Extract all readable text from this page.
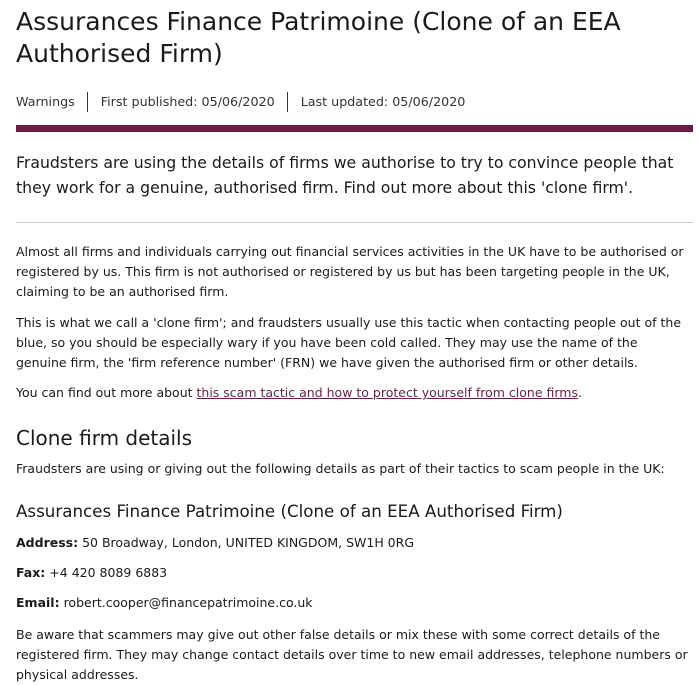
Assurances Finance Patrimoine (Clone of an EEA Authorised Firm)
Warnings	First published: 05/06/2020	Last updated: 05/06/2020

Fraudsters are using the details of firms we authorise to try to convince people that
they work for a genuine, authorised firm. Find out more about this 'clone firm'.

Almost all firms and individuals carrying out financial services activities in the UK have to be authorised or
registered by us. This firm is not authorised or registered by us but has been targeting people in the UK,
claiming to be an authorised firm.

This is what we call a 'clone firm'; and fraudsters usually use this tactic when contacting people out of the
blue, so you should be especially wary if you have been cold called. They may use the name of the
genuine firm, the 'firm reference number' (FRN) we have given the authorised firm or other details.

You can find out more about this scam tactic and how to protect yourself from clone firms.

Clone firm details

Fraudsters are using or giving out the following details as part of their tactics to scam people in the UK:

Assurances Finance Patrimoine (Clone of an EEA Authorised Firm)

Address: 50 Broadway, London, UNITED KINGDOM, SW1H 0RG

Fax: +4 420 8089 6883

Email: robert.cooper@financepatrimoine.co.uk

Be aware that scammers may give out other false details or mix these with some correct details of the
registered firm. They may change contact details over time to new email addresses, telephone numbers or
physical addresses.
